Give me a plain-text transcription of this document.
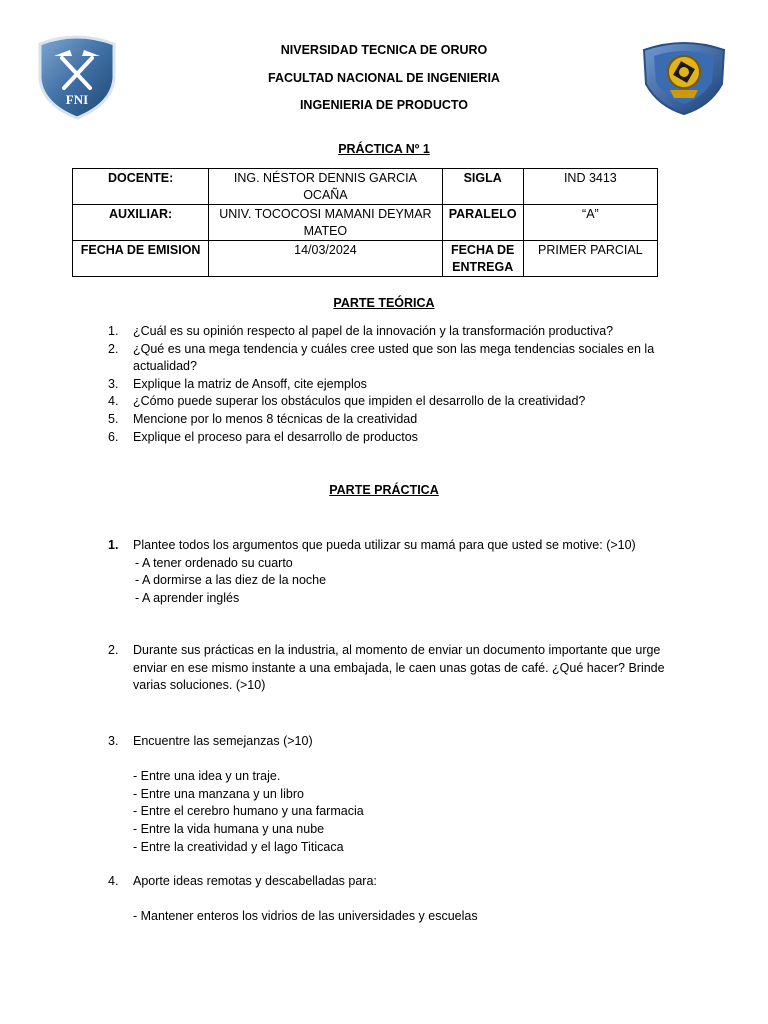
FNI
NIVERSIDAD TECNICA DE ORURO
FACULTAD NACIONAL DE INGENIERIA
INGENIERIA DE PRODUCTO
PRÁCTICA Nº 1
DOCENTE:	ING. NÉSTOR DENNIS GARCIA OCAÑA	SIGLA	IND 3413
AUXILIAR:	UNIV. TOCOCOSI MAMANI DEYMAR MATEO	PARALELO	“A”
FECHA DE EMISION	14/03/2024	FECHA DE ENTREGA	PRIMER PARCIAL
PARTE TEÓRICA
1. ¿Cuál es su opinión respecto al papel de la innovación y la transformación productiva?
2. ¿Qué es una mega tendencia y cuáles cree usted que son las mega tendencias sociales en la actualidad?
3. Explique la matriz de Ansoff, cite ejemplos
4. ¿Cómo puede superar los obstáculos que impiden el desarrollo de la creatividad?
5. Mencione por lo menos 8 técnicas de la creatividad
6. Explique el proceso para el desarrollo de productos
PARTE PRÁCTICA
1. Plantee todos los argumentos que pueda utilizar su mamá para que usted se motive: (>10)
- A tener ordenado su cuarto
- A dormirse a las diez de la noche
- A aprender inglés
2. Durante sus prácticas en la industria, al momento de enviar un documento importante que urge enviar en ese mismo instante a una embajada, le caen unas gotas de café. ¿Qué hacer? Brinde varias soluciones. (>10)
3. Encuentre las semejanzas (>10)
- Entre una idea y un traje.
- Entre una manzana y un libro
- Entre el cerebro humano y una farmacia
- Entre la vida humana y una nube
- Entre la creatividad y el lago Titicaca
4. Aporte ideas remotas y descabelladas para:
- Mantener enteros los vidrios de las universidades y escuelas
